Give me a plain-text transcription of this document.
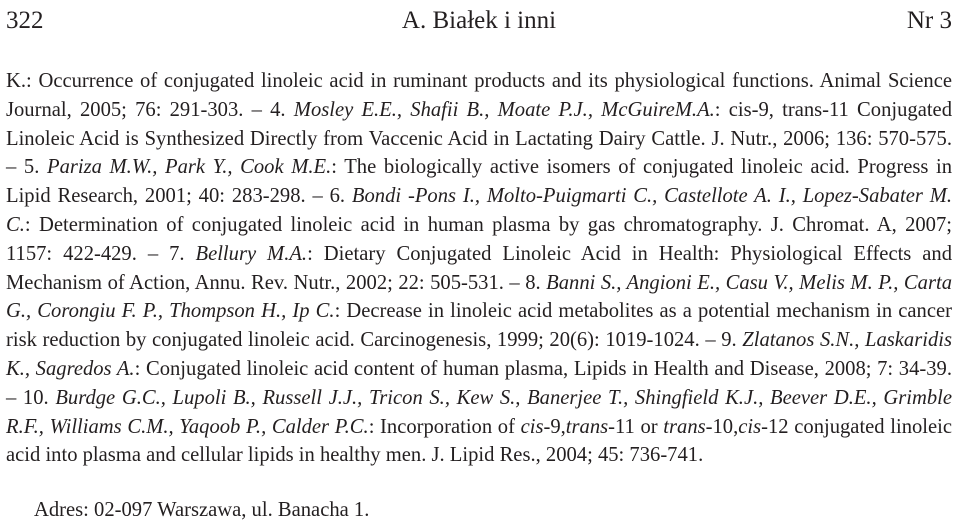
322	A. Białek i inni	Nr 3
K.: Occurrence of conjugated linoleic acid in ruminant products and its physiological functions. Animal Science Journal, 2005; 76: 291-303. – 4. Mosley E.E., Shafii B., Moate P.J., McGuireM.A.: cis-9, trans-11 Conjugated Linoleic Acid is Synthesized Directly from Vaccenic Acid in Lactating Dairy Cattle. J. Nutr., 2006; 136: 570-575. – 5. Pariza M.W., Park Y., Cook M.E.: The biologically active isomers of conjugated linoleic acid. Progress in Lipid Research, 2001; 40: 283-298. – 6. Bondi -Pons I., Molto-Puigmarti C., Castellote A. I., Lopez-Sabater M. C.: Determination of conjugated linoleic acid in human plasma by gas chromatography. J. Chromat. A, 2007; 1157: 422-429. – 7. Bellury M.A.: Dietary Conjugated Linoleic Acid in Health: Physiological Effects and Mechanism of Action, Annu. Rev. Nutr., 2002; 22: 505-531. – 8. Banni S., Angioni E., Casu V., Melis M. P., Carta G., Corongiu F. P., Thompson H., Ip C.: Decrease in linoleic acid metabolites as a potential mechanism in cancer risk reduction by conjugated linoleic acid. Carcinogenesis, 1999; 20(6): 1019-1024. – 9. Zlatanos S.N., Laskaridis K., Sagredos A.: Conjugated linoleic acid content of human plasma, Lipids in Health and Disease, 2008; 7: 34-39. – 10. Burdge G.C., Lupoli B., Russell J.J., Tricon S., Kew S., Banerjee T., Shingfield K.J., Beever D.E., Grimble R.F., Williams C.M., Yaqoob P., Calder P.C.: Incorporation of cis-9,trans-11 or trans-10,cis-12 conjugated linoleic acid into plasma and cellular lipids in healthy men. J. Lipid Res., 2004; 45: 736-741.
Adres: 02-097 Warszawa, ul. Banacha 1.
